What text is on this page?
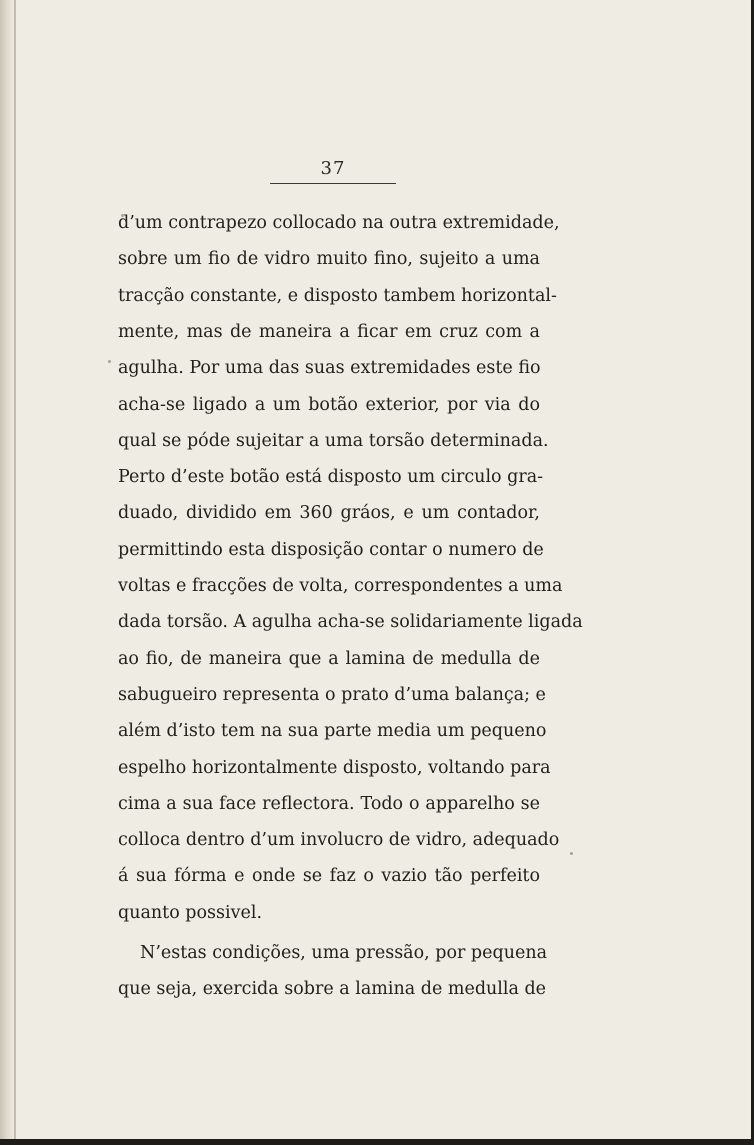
37
d’um contrapezo collocado na outra extremidade,
sobre um fio de vidro muito fino, sujeito a uma
tracção constante, e disposto tambem horizontal-
mente, mas de maneira a ficar em cruz com a
agulha. Por uma das suas extremidades este fio
acha-se ligado a um botão exterior, por via do
qual se póde sujeitar a uma torsão determinada.
Perto d’este botão está disposto um circulo gra-
duado, dividido em 360 gráos, e um contador,
permittindo esta disposição contar o numero de
voltas e fracções de volta, correspondentes a uma
dada torsão. A agulha acha-se solidariamente ligada
ao fio, de maneira que a lamina de medulla de
sabugueiro representa o prato d’uma balança; e
além d’isto tem na sua parte media um pequeno
espelho horizontalmente disposto, voltando para
cima a sua face reflectora. Todo o apparelho se
colloca dentro d’um involucro de vidro, adequado
á sua fórma e onde se faz o vazio tão perfeito
quanto possivel.
N’estas condições, uma pressão, por pequena
que seja, exercida sobre a lamina de medulla de
